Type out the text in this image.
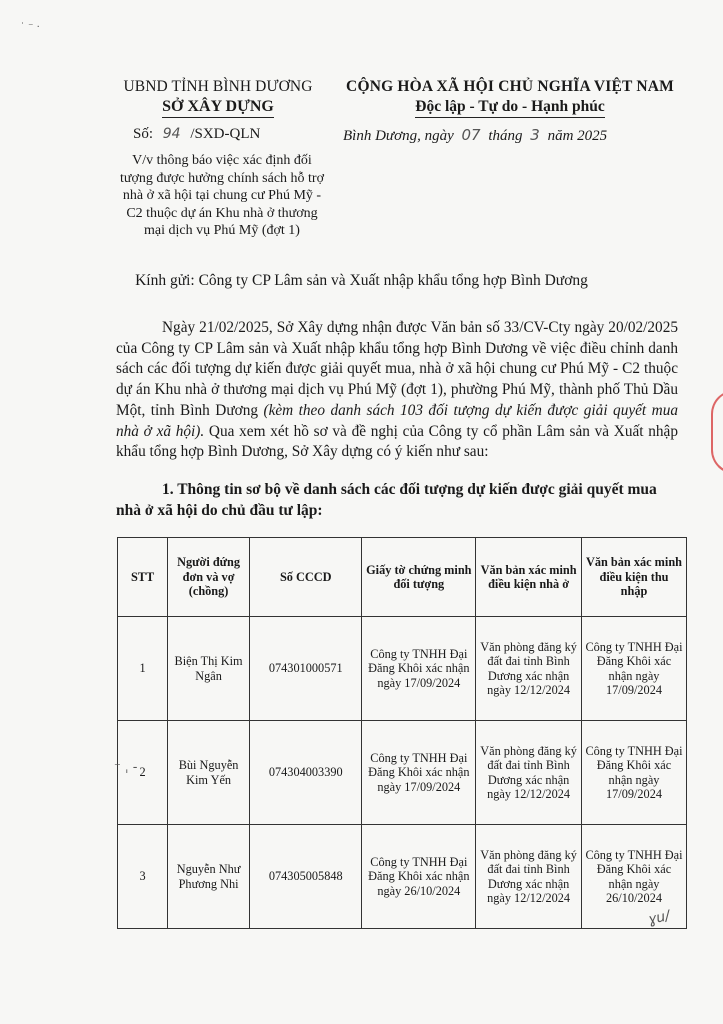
˙ ⁻ ·
UBND TỈNH BÌNH DƯƠNG
SỞ XÂY DỰNG
CỘNG HÒA XÃ HỘI CHỦ NGHĨA VIỆT NAM
Độc lập - Tự do - Hạnh phúc
Số: 94 /SXD-QLN	Bình Dương, ngày 07 tháng 3 năm 2025
V/v thông báo việc xác định đối tượng được hưởng chính sách hỗ trợ nhà ở xã hội tại chung cư Phú Mỹ - C2 thuộc dự án Khu nhà ở thương mại dịch vụ Phú Mỹ (đợt 1)
Kính gửi: Công ty CP Lâm sản và Xuất nhập khẩu tổng hợp Bình Dương
Ngày 21/02/2025, Sở Xây dựng nhận được Văn bản số 33/CV-Cty ngày 20/02/2025 của Công ty CP Lâm sản và Xuất nhập khẩu tổng hợp Bình Dương về việc điều chỉnh danh sách các đối tượng dự kiến được giải quyết mua, nhà ở xã hội chung cư Phú Mỹ - C2 thuộc dự án Khu nhà ở thương mại dịch vụ Phú Mỹ (đợt 1), phường Phú Mỹ, thành phố Thủ Dầu Một, tỉnh Bình Dương (kèm theo danh sách 103 đối tượng dự kiến được giải quyết mua nhà ở xã hội). Qua xem xét hồ sơ và đề nghị của Công ty cổ phần Lâm sản và Xuất nhập khẩu tổng hợp Bình Dương, Sở Xây dựng có ý kiến như sau:
1. Thông tin sơ bộ về danh sách các đối tượng dự kiến được giải quyết mua nhà ở xã hội do chủ đầu tư lập:
STT	Người đứng đơn và vợ (chồng)	Số CCCD	Giấy tờ chứng minh đối tượng	Văn bản xác minh điều kiện nhà ở	Văn bản xác minh điều kiện thu nhập
1	Biện Thị Kim Ngân	074301000571	Công ty TNHH Đại Đăng Khôi xác nhận ngày 17/09/2024	Văn phòng đăng ký đất đai tỉnh Bình Dương xác nhận ngày 12/12/2024	Công ty TNHH Đại Đăng Khôi xác nhận ngày 17/09/2024
2	Bùi Nguyễn Kim Yến	074304003390	Công ty TNHH Đại Đăng Khôi xác nhận ngày 17/09/2024	Văn phòng đăng ký đất đai tỉnh Bình Dương xác nhận ngày 12/12/2024	Công ty TNHH Đại Đăng Khôi xác nhận ngày 17/09/2024
3	Nguyễn Như Phương Nhi	074305005848	Công ty TNHH Đại Đăng Khôi xác nhận ngày 26/10/2024	Văn phòng đăng ký đất đai tỉnh Bình Dương xác nhận ngày 12/12/2024	Công ty TNHH Đại Đăng Khôi xác nhận ngày 26/10/2024
⁻ ˌ ‐
ɣu/
